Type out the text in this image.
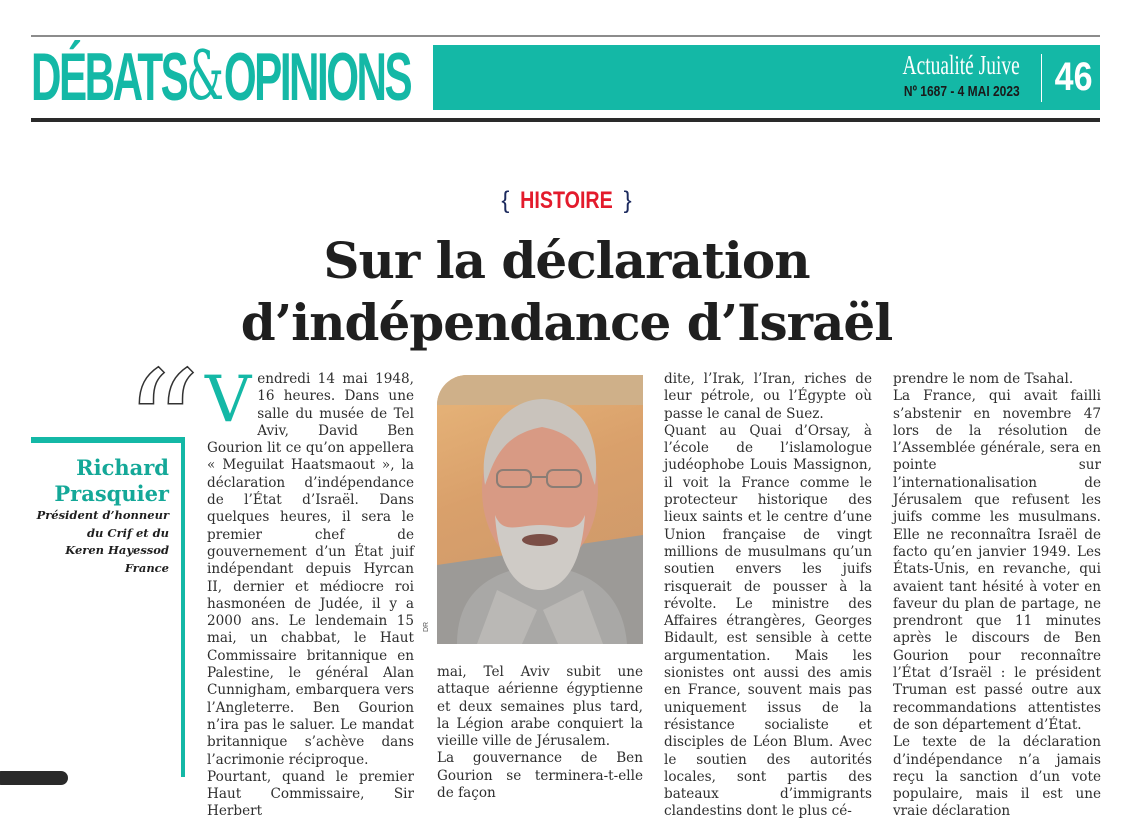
DÉBATS & OPINIONS	Actualité Juive
Nº 1687 - 4 MAI 2023 46
{ HISTOIRE }
Sur la déclaration
d’indépendance d’Israël
Richard
Prasquier
Président d’honneur
du Crif et du
Keren Hayessod
France
V endredi 14 mai 1948, 16 heures. Dans une salle du musée de Tel Aviv, David Ben Gourion lit ce qu’on appellera « Meguilat Haatsmaout », la déclaration d’indépendance de l’État d’Israël. Dans quelques heures, il sera le premier chef de gouvernement d’un État juif indépendant depuis Hyrcan II, dernier et médiocre roi hasmonéen de Judée, il y a 2000 ans. Le lendemain 15 mai, un chabbat, le Haut Commissaire britannique en Palestine, le général Alan Cunnigham, embarquera vers l’Angleterre. Ben Gourion n’ira pas le saluer. Le mandat britannique s’achève dans l’acrimonie réciproque.

Pourtant, quand le premier Haut Commissaire, Sir Herbert

DR

mai, Tel Aviv subit une attaque aérienne égyptienne et deux semaines plus tard, la Légion arabe conquiert la vieille ville de Jérusalem.

La gouvernance de Ben Gourion se terminera-t-elle de façon

dite, l’Irak, l’Iran, riches de leur pétrole, ou l’Égypte où passe le canal de Suez.

Quant au Quai d’Orsay, à l’école de l’islamologue judéophobe Louis Massignon, il voit la France comme le protecteur historique des lieux saints et le centre d’une Union française de vingt millions de musulmans qu’un soutien envers les juifs risquerait de pousser à la révolte. Le ministre des Affaires étrangères, Georges Bidault, est sensible à cette argumentation. Mais les sionistes ont aussi des amis en France, souvent mais pas uniquement issus de la résistance socialiste et disciples de Léon Blum. Avec le soutien des autorités locales, sont partis des bateaux d’immigrants clandestins dont le plus cé-

prendre le nom de Tsahal.

La France, qui avait failli s’abstenir en novembre 47 lors de la résolution de l’Assemblée générale, sera en pointe sur l’internationalisation de Jérusalem que refusent les juifs comme les musulmans. Elle ne reconnaîtra Israël de facto qu’en janvier 1949. Les États-Unis, en revanche, qui avaient tant hésité à voter en faveur du plan de partage, ne prendront que 11 minutes après le discours de Ben Gourion pour reconnaître l’État d’Israël : le président Truman est passé outre aux recommandations attentistes de son département d’État.

Le texte de la déclaration d’indépendance n’a jamais reçu la sanction d’un vote populaire, mais il est une vraie déclaration
